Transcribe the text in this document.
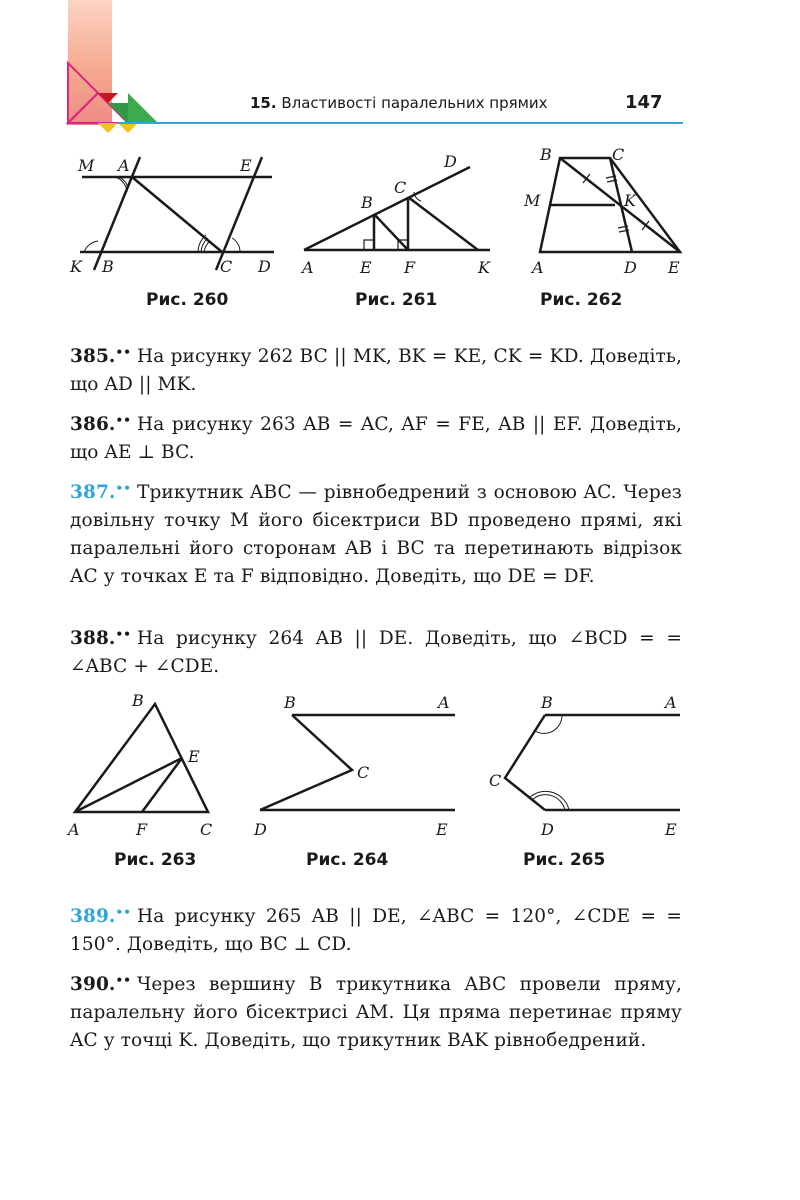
15. Властивості паралельних прямих	147
M A	E
K B	C D
Рис. 260
D
C
B
A	E F	K
Рис. 261
B	C
M	K
A	D E
Рис. 262
385.•• На рисунку 262 BC || MK, BK = KE, CK = KD. Доведіть, що AD || MK.
386.•• На рисунку 263 AB = AC, AF = FE, AB || EF. Доведіть, що AE ⊥ BC.
387.•• Трикутник ABC — рівнобедрений з основою AC. Через довільну точку M його бісектриси BD проведено прямі, які паралельні його сторонам AB і BC та перетинають відрізок AC у точках E та F відповідно. Доведіть, що DE = DF.
388.•• На рисунку 264 AB || DE. Доведіть, що ∠BCD = = ∠ABC + ∠CDE.
B
E
A	F	C
Рис. 263
B	A
C
D	E
Рис. 264
B	A
C
D	E
Рис. 265
389.•• На рисунку 265 AB || DE, ∠ABC = 120°, ∠CDE = = 150°. Доведіть, що BC ⊥ CD.
390.•• Через вершину B трикутника ABC провели пряму, паралельну його бісектрисі AM. Ця пряма перетинає пряму AC у точці K. Доведіть, що трикутник BAK рівнобедрений.
